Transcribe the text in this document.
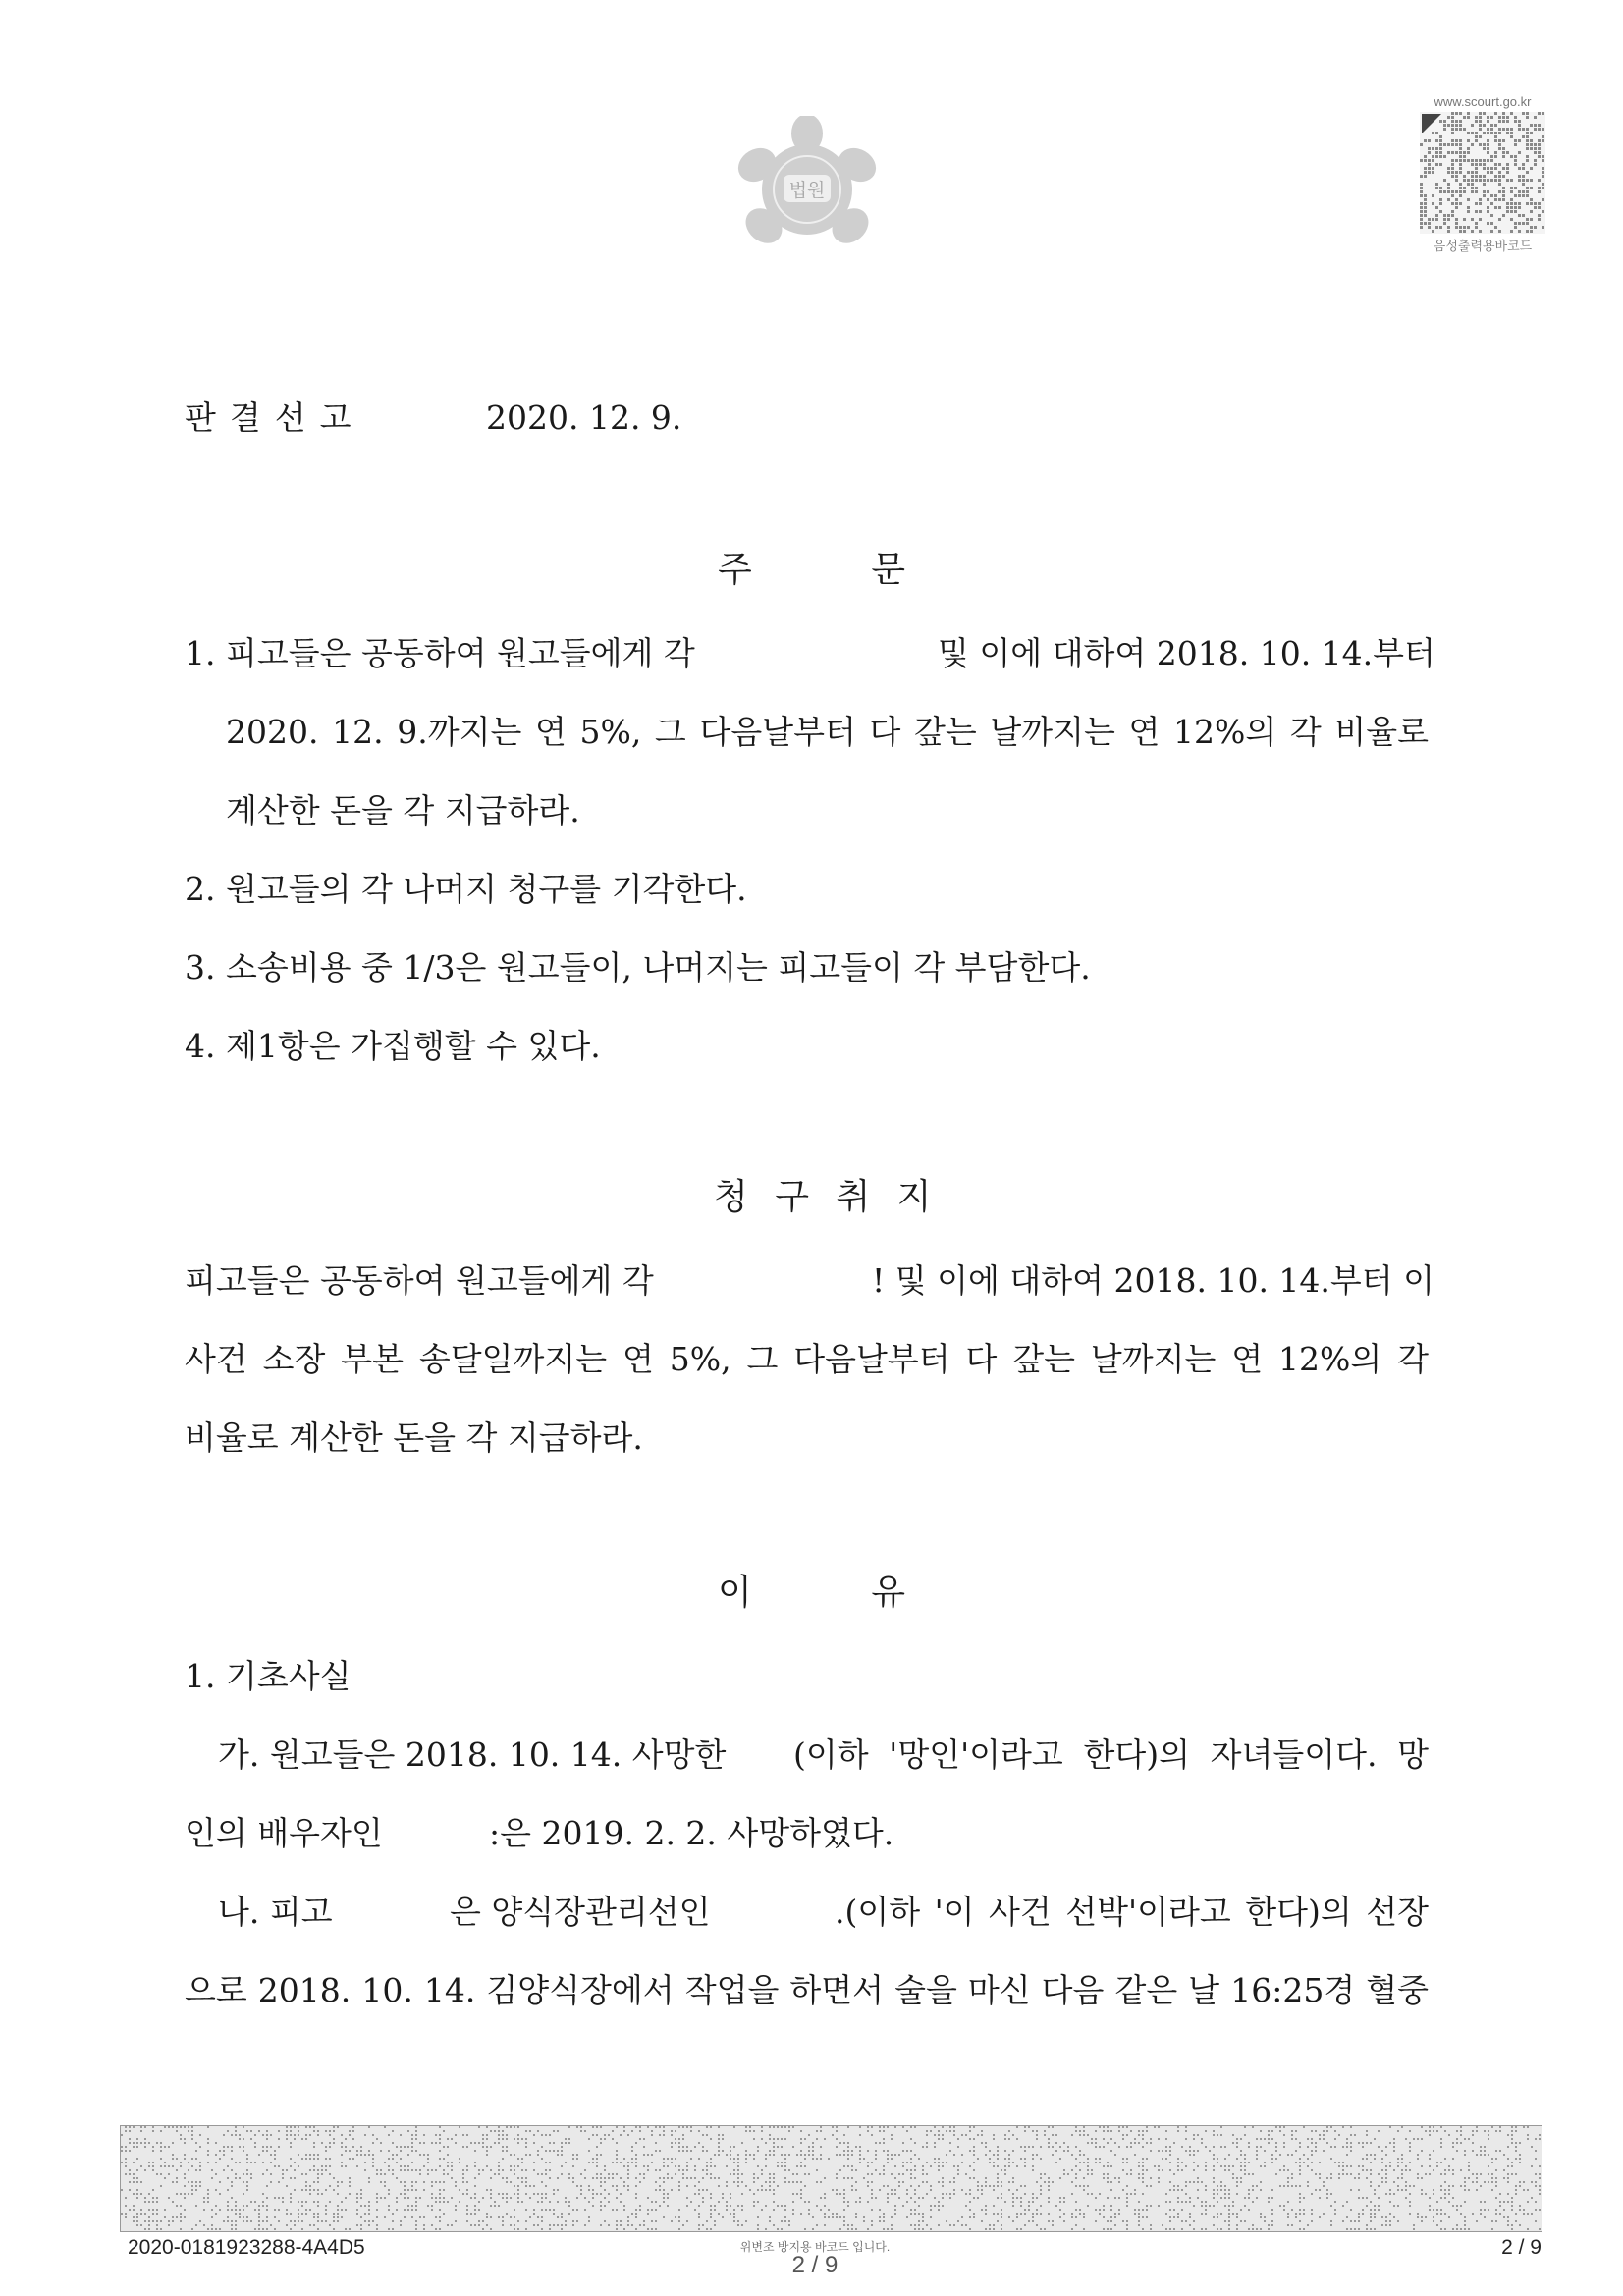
법원
www.scourt.go.kr
음성출력용바코드
판결선고	2020. 12. 9.
주 문
1. 피고들은 공동하여 원고들에게 각	및 이에 대하여 2018. 10. 14.부터
2020. 12. 9.까지는 연 5%, 그 다음날부터 다 갚는 날까지는 연 12%의 각 비율로
계산한 돈을 각 지급하라.
2. 원고들의 각 나머지 청구를 기각한다.
3. 소송비용 중 1/3은 원고들이, 나머지는 피고들이 각 부담한다.
4. 제1항은 가집행할 수 있다.
청 구 취 지
피고들은 공동하여 원고들에게 각	! 및 이에 대하여 2018. 10. 14.부터 이
사건 소장 부본 송달일까지는 연 5%, 그 다음날부터 다 갚는 날까지는 연 12%의 각
비율로 계산한 돈을 각 지급하라.
이 유
1. 기초사실
가. 원고들은 2018. 10. 14. 사망한 (이하 '망인'이라고 한다)의 자녀들이다. 망
인의 배우자인	:은 2019. 2. 2. 사망하였다.
나. 피고	은 양식장관리선인	.(이하 '이 사건 선박'이라고 한다)의 선장
으로 2018. 10. 14. 김양식장에서 작업을 하면서 술을 마신 다음 같은 날 16:25경 혈중
2020-0181923288-4A4D5	위변조 방지용 바코드 입니다.
2 / 9
2 / 9
